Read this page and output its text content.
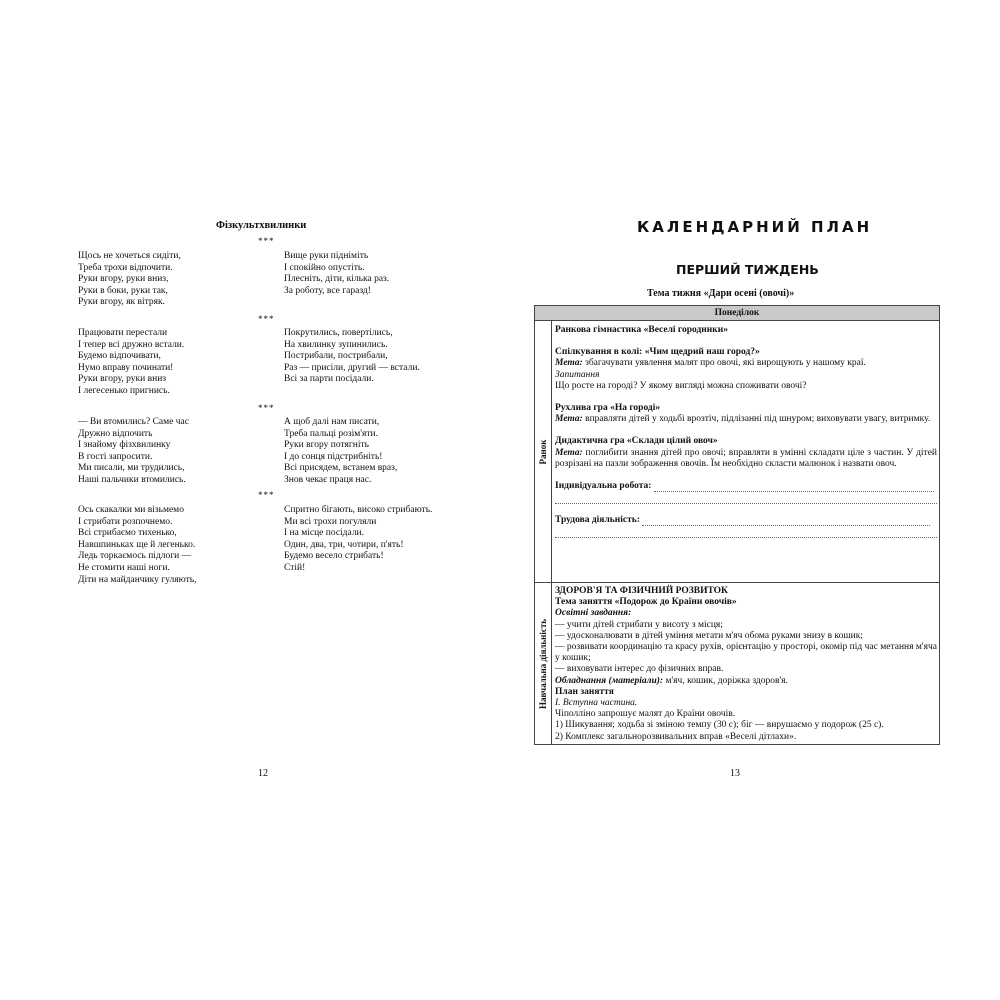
Фізкультхвилинки
***
Щось не хочеться сидіти,
Треба трохи відпочити.
Руки вгору, руки вниз,
Руки в боки, руки так,
Руки вгору, як вітряк.
Вище руки підніміть
І спокійно опустіть.
Плесніть, діти, кілька раз.
За роботу, все гаразд!
***
Працювати перестали
І тепер всі дружно встали.
Будемо відпочивати,
Нумо вправу починати!
Руки вгору, руки вниз
І легесенько пригнись.
Покрутились, повертілись,
На хвилинку зупинились.
Пострибали, пострибали,
Раз — присіли, другий — встали.
Всі за парти посідали.
***
— Ви втомились? Саме час
Дружно відпочить
І знайому фізхвилинку
В гості запросити.
Ми писали, ми трудились,
Наші пальчики втомились.
А щоб далі нам писати,
Треба пальці розім'яти.
Руки вгору потягніть
І до сонця підстрибніть!
Всі присядем, встанем враз,
Знов чекає праця нас.
***
Ось скакалки ми візьмемо
І стрибати розпочнемо.
Всі стрибаємо тихенько,
Навшпиньках ще й легенько.
Ледь торкаємось підлоги —
Не стомити наші ноги.
Діти на майданчику гуляють,
Спритно бігають, високо стрибають.
Ми всі трохи погуляли
І на місце посідали.
Один, два, три, чотири, п'ять!
Будемо весело стрибать!
Стій!
12
КАЛЕНДАРНИЙ ПЛАН
ПЕРШИЙ ТИЖДЕНЬ
Тема тижня «Дари осені (овочі)»
Понеділок
Ранок

Ранкова гімнастика «Веселі городники»

Спілкування в колі: «Чим щедрий наш город?»

Мета: збагачувати уявлення малят про овочі, які вирощують у нашому краї.

Запитання

Що росте на городі? У якому вигляді можна споживати овочі?

Рухлива гра «На городі»

Мета: вправляти дітей у ходьбі врозтіч, підлізанні під шнуром; виховувати увагу, витримку.

Дидактична гра «Склади цілий овоч»

Мета: поглибити знання дітей про овочі; вправляти в умінні складати ціле з частин. У дітей розрізані на пазли зображення овочів. Їм необхідно скласти малюнок і назвати овоч.

Індивідуальна робота:

Трудова діяльність:

Навчальна діяльність

ЗДОРОВ'Я ТА ФІЗИЧНИЙ РОЗВИТОК

Тема заняття «Подорож до Країни овочів»

Освітні завдання:

— учити дітей стрибати у висоту з місця;

— удосконалювати в дітей уміння метати м'яч обома руками знизу в кошик;

— розвивати координацію та красу рухів, орієнтацію у просторі, окомір під час метання м'яча у кошик;

— виховувати інтерес до фізичних вправ.

Обладнання (матеріали): м'яч, кошик, доріжка здоров'я.

План заняття

І. Вступна частина.

Чіполліно запрошує малят до Країни овочів.

1) Шикування; ходьба зі зміною темпу (30 с); біг — вирушаємо у подорож (25 с).

2) Комплекс загальнорозвивальних вправ «Веселі дітлахи».

13
